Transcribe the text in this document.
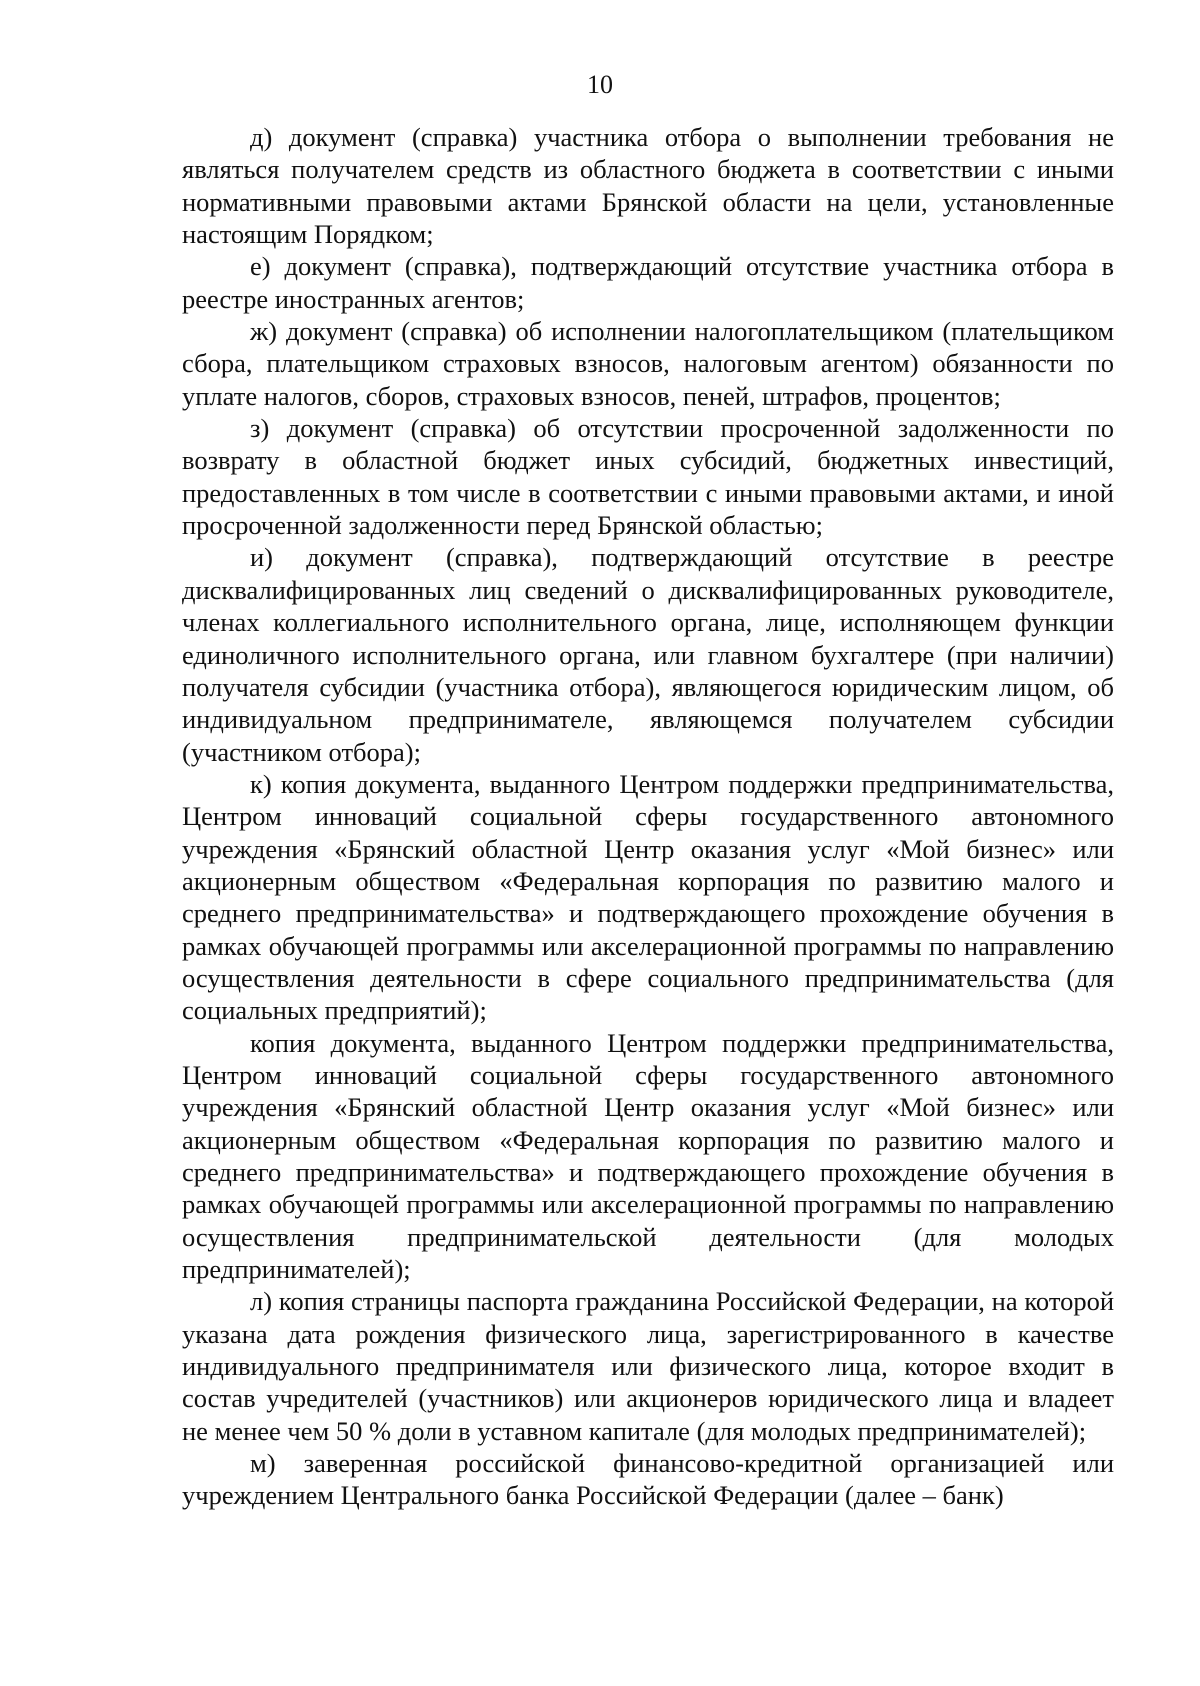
10

д) документ (справка) участника отбора о выполнении требования не являться получателем средств из областного бюджета в соответствии с иными нормативными правовыми актами Брянской области на цели, установленные настоящим Порядком;

е) документ (справка), подтверждающий отсутствие участника отбора в реестре иностранных агентов;

ж) документ (справка) об исполнении налогоплательщиком (плательщиком сбора, плательщиком страховых взносов, налоговым агентом) обязанности по уплате налогов, сборов, страховых взносов, пеней, штрафов, процентов;

з) документ (справка) об отсутствии просроченной задолженности по возврату в областной бюджет иных субсидий, бюджетных инвестиций, предоставленных в том числе в соответствии с иными правовыми актами, и иной просроченной задолженности перед Брянской областью;

и) документ (справка), подтверждающий отсутствие в реестре дисквалифицированных лиц сведений о дисквалифицированных руководителе, членах коллегиального исполнительного органа, лице, исполняющем функции единоличного исполнительного органа, или главном бухгалтере (при наличии) получателя субсидии (участника отбора), являющегося юридическим лицом, об индивидуальном предпринимателе, являющемся получателем субсидии (участником отбора);

к) копия документа, выданного Центром поддержки предпринимательства, Центром инноваций социальной сферы государственного автономного учреждения «Брянский областной Центр оказания услуг «Мой бизнес» или акционерным обществом «Федеральная корпорация по развитию малого и среднего предпринимательства» и подтверждающего прохождение обучения в рамках обучающей программы или акселерационной программы по направлению осуществления деятельности в сфере социального предпринимательства (для социальных предприятий);

копия документа, выданного Центром поддержки предпринимательства, Центром инноваций социальной сферы государственного автономного учреждения «Брянский областной Центр оказания услуг «Мой бизнес» или акционерным обществом «Федеральная корпорация по развитию малого и среднего предпринимательства» и подтверждающего прохождение обучения в рамках обучающей программы или акселерационной программы по направлению осуществления предпринимательской деятельности (для молодых предпринимателей);

л) копия страницы паспорта гражданина Российской Федерации, на которой указана дата рождения физического лица, зарегистрированного в качестве индивидуального предпринимателя или физического лица, которое входит в состав учредителей (участников) или акционеров юридического лица и владеет не менее чем 50 % доли в уставном капитале (для молодых предпринимателей);

м) заверенная российской финансово-кредитной организацией или учреждением Центрального банка Российской Федерации (далее – банк)
